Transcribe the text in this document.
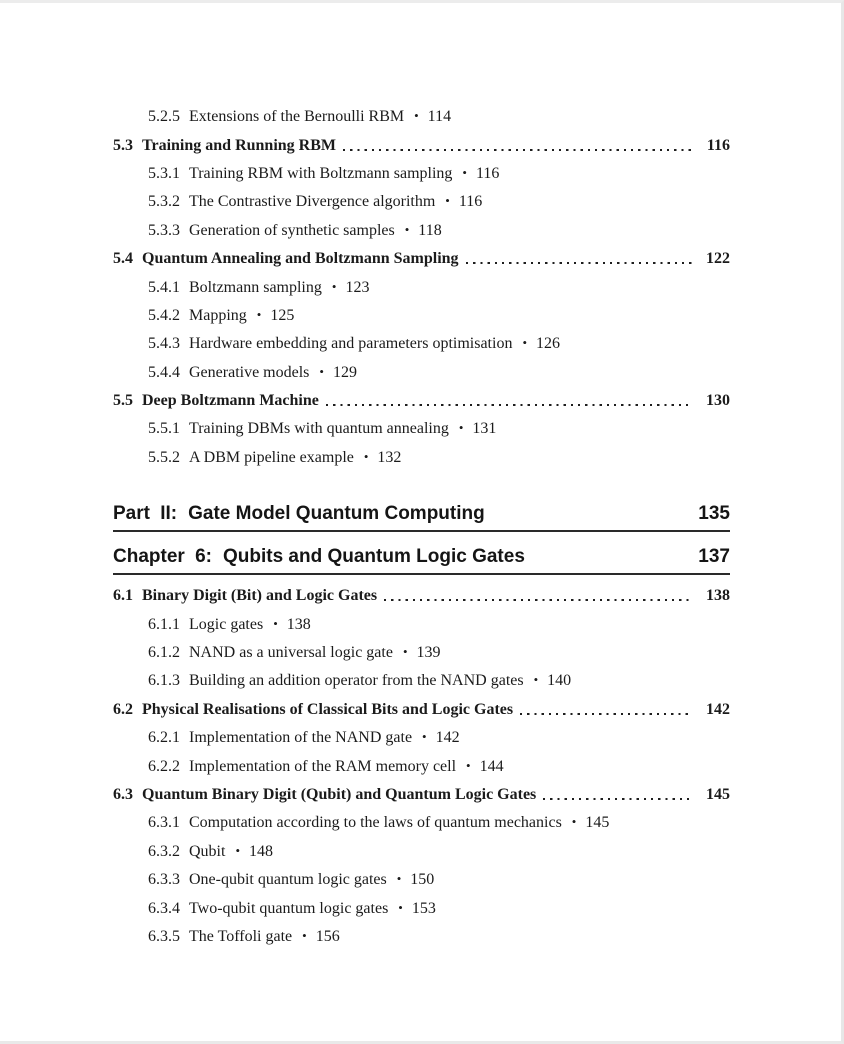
5.2.5 Extensions of the Bernoulli RBM • 114
5.3 Training and Running RBM	116
5.3.1 Training RBM with Boltzmann sampling • 116
5.3.2 The Contrastive Divergence algorithm • 116
5.3.3 Generation of synthetic samples • 118
5.4 Quantum Annealing and Boltzmann Sampling	122
5.4.1 Boltzmann sampling • 123
5.4.2 Mapping • 125
5.4.3 Hardware embedding and parameters optimisation • 126
5.4.4 Generative models • 129
5.5 Deep Boltzmann Machine	130
5.5.1 Training DBMs with quantum annealing • 131
5.5.2 A DBM pipeline example • 132
Part II: Gate Model Quantum Computing	135
Chapter 6: Qubits and Quantum Logic Gates	137
6.1 Binary Digit (Bit) and Logic Gates	138
6.1.1 Logic gates • 138
6.1.2 NAND as a universal logic gate • 139
6.1.3 Building an addition operator from the NAND gates • 140
6.2 Physical Realisations of Classical Bits and Logic Gates	142
6.2.1 Implementation of the NAND gate • 142
6.2.2 Implementation of the RAM memory cell • 144
6.3 Quantum Binary Digit (Qubit) and Quantum Logic Gates	145
6.3.1 Computation according to the laws of quantum mechanics • 145
6.3.2 Qubit • 148
6.3.3 One-qubit quantum logic gates • 150
6.3.4 Two-qubit quantum logic gates • 153
6.3.5 The Toffoli gate • 156
